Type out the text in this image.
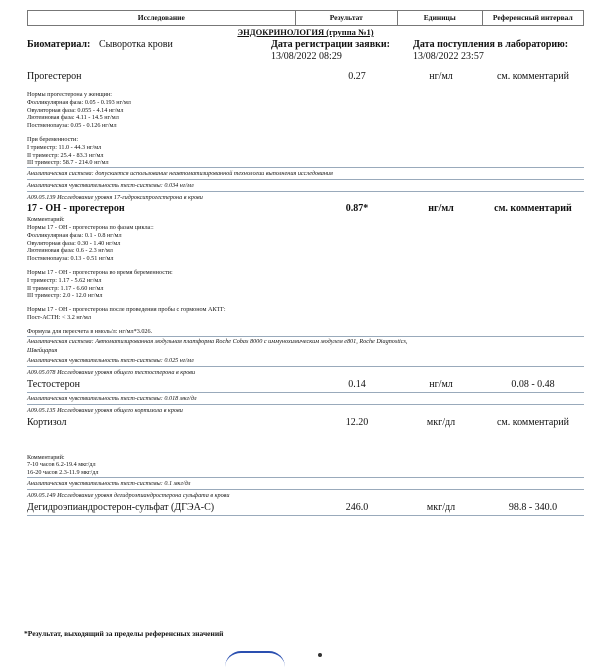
Исследование	Результат	Единицы	Референсный интервал
ЭНДОКРИНОЛОГИЯ (группа №1)
Биоматериал: Сыворотка крови	Дата регистрации заявки:
13/08/2022 08:29
Дата поступления в лабораторию:
13/08/2022 23:57
Прогестерон	0.27	нг/мл	см. комментарий
Нормы прогестерона у женщин:
Фолликулярная фаза: 0.05 - 0.193 нг/мл
Овуляторная фаза: 0.055 - 4.14 нг/мл
Лютеиновая фаза: 4.11 - 14.5 нг/мл
Постменопауза: 0.05 - 0.126 нг/мл
При беременности:
I триместр: 11.0 - 44.3 нг/мл
II триместр: 25.4 - 83.3 нг/мл
III триместр: 58.7 - 214.0 нг/мл
Аналитическая система: допускается использование неавтоматизированной технологии выполнения исследования
Аналитическая чувствительность тест-системы: 0.034 нг/мл
A09.05.139 Исследование уровня 17-гидроксипрогестерона в крови
17 - ОН - прогестерон	0.87*	нг/мл	см. комментарий
Комментарий:
Нормы 17 - ОН - прогестерона по фазам цикла::
Фолликулярная фаза: 0.1 - 0.8 нг/мл
Овуляторная фаза: 0.30 - 1.40 нг/мл
Лютеиновая фаза: 0.6 - 2.3 нг/мл
Постменопауза: 0.13 - 0.51 нг/мл
Нормы 17 - ОН - прогестерона во время беременности:
I триместр: 1.17 - 5.62 нг/мл
II триместр: 1.17 - 6.60 нг/мл
III триместр: 2.0 - 12.0 нг/мл
Нормы 17 - ОН - прогестерона после проведения пробы с гормоном АКТГ:
Пост-АСТН: < 3.2 нг/мл
Формула для пересчета в нмоль/л: нг/мл*3.026.
Аналитическая система: Автоматизированная модульная платформа Roche Cobas 8000 с иммунохимическим модулем e801, Roche Diagnostics,
Швейцария
Аналитическая чувствительность тест-системы: 0.025 нг/мл
A09.05.078 Исследование уровня общего тестостерона в крови
Тестостерон	0.14	нг/мл	0.08 - 0.48
Аналитическая чувствительность тест-системы: 0.018 мкг/дл
A09.05.135 Исследование уровня общего кортизола в крови
Кортизол	12.20	мкг/дл	см. комментарий
Комментарий:
7-10 часов 6.2-19.4 мкг/дл
16-20 часов 2.3-11.9 мкг/дл
Аналитическая чувствительность тест-системы: 0.1 мкг/дл
A09.05.149 Исследование уровня дегидроэпиандростерона сульфата в крови
Дегидроэпиандростерон-сульфат (ДГЭА-С)	246.0	мкг/дл	98.8 - 340.0
*Результат, выходящий за пределы референсных значений
